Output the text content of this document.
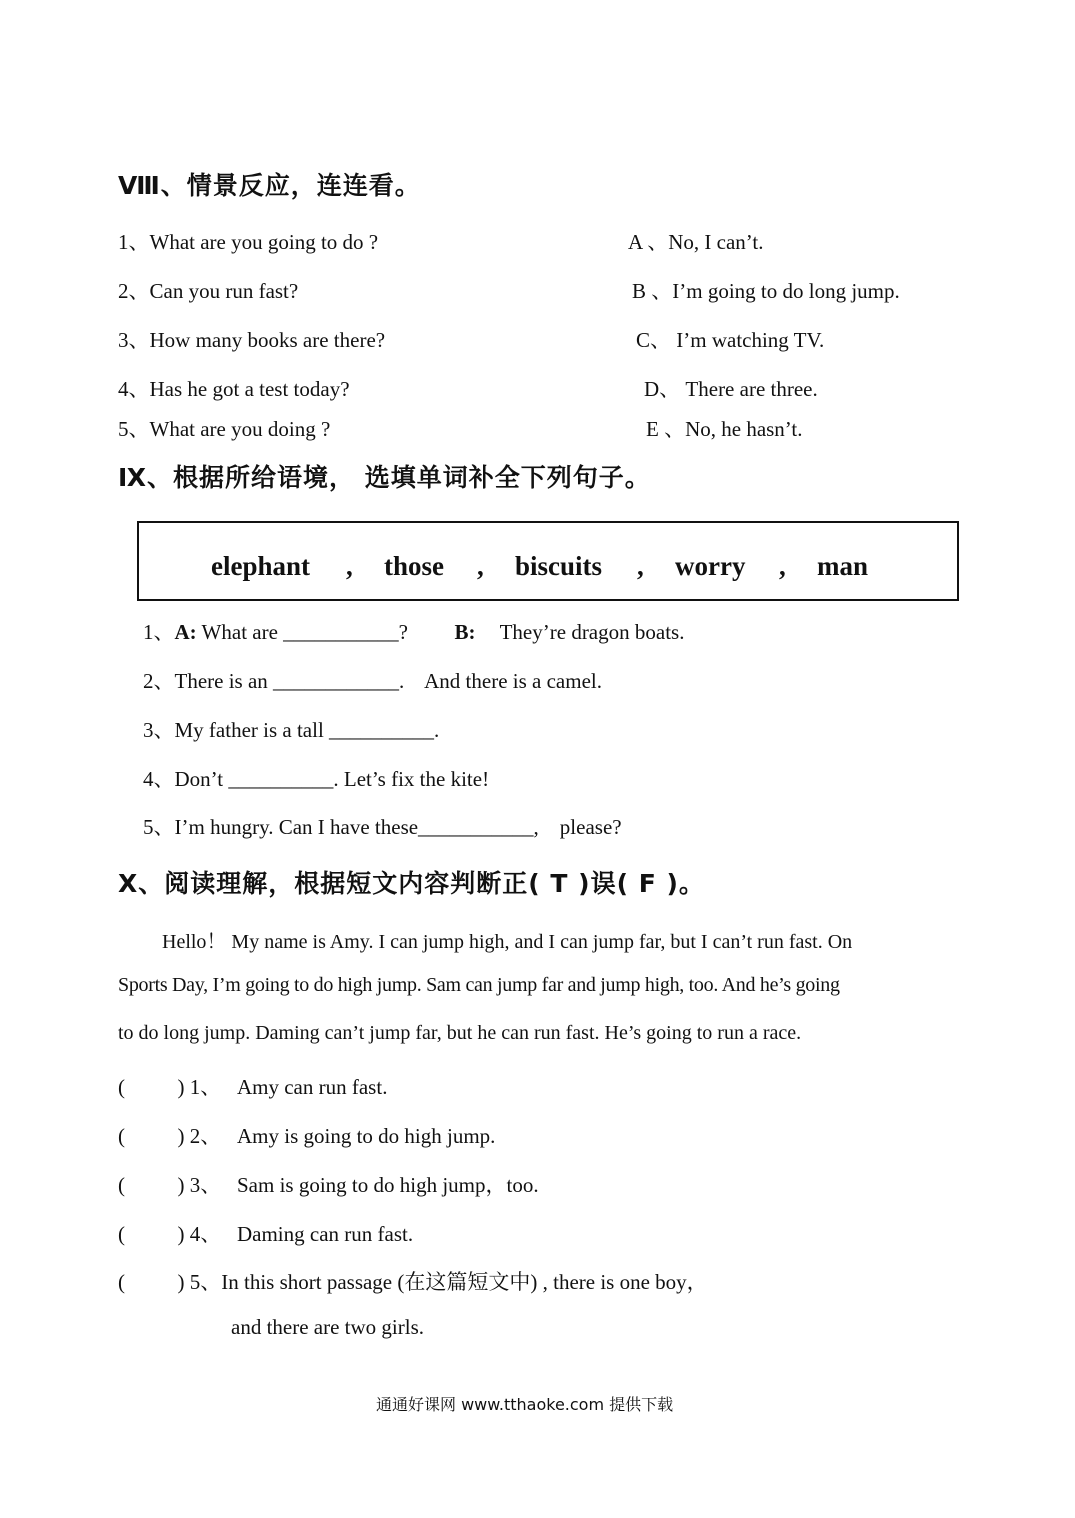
Ⅷ、情景反应，连连看。
1、What are you going to do ?
2、Can you run fast?
3、How many books are there?
4、Has he got a test today?
5、What are you doing ?
A 、No, I can’t.
B 、I’m going to do long jump.
C、 I’m watching TV.
D、 There are three.
E 、No, he hasn’t.
Ⅸ、根据所给语境， 选填单词补全下列句子。
elephant , those , biscuits , worry , man
1、A: What are ___________? B: They’re dragon boats.
2、There is an ____________.    And there is a camel.
3、My father is a tall __________.
4、Don’t __________. Let’s fix the kite!
5、I’m hungry. Can I have these___________,    please?
Ⅹ、阅读理解，根据短文内容判断正( T )误( F )。
Hello！ My name is Amy. I can jump high, and I can jump far, but I can’t run fast. On
Sports Day, I’m going to do high jump. Sam can jump far and jump high, too. And he’s going
to do long jump. Daming can’t jump far, but he can run fast. He’s going to run a race.
(          ) 1、   Amy can run fast.
(          ) 2、   Amy is going to do high jump.
(          ) 3、   Sam is going to do high jump，too.
(          ) 4、   Daming can run fast.
(          ) 5、In this short passage (在这篇短文中) , there is one boy，
and there are two girls.
通通好课网 www.tthaoke.com 提供下载
